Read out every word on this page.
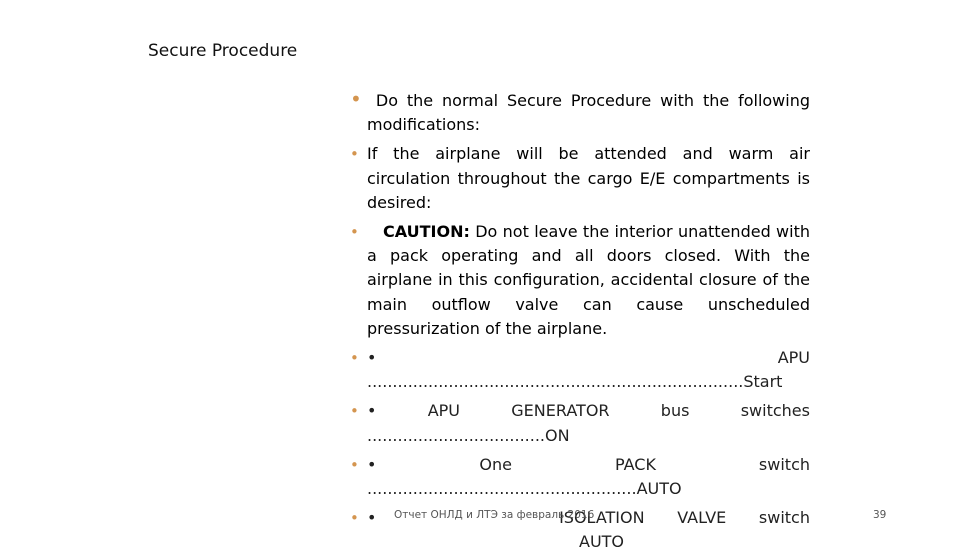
Secure Procedure
• Do the normal Secure Procedure with the following modifications:
• If the airplane will be attended and warm air circulation throughout the cargo E/E compartments is desired:
•	CAUTION: Do not leave the interior unattended with a pack operating and all doors closed. With the airplane in this configuration, accidental closure of the main outflow valve can cause unscheduled pressurization of the airplane.
• •	APU
..........................................................................Start
• •	APU	GENERATOR	bus	switches
...................................ON
• •	One	PACK	switch
.....................................................AUTO
• •	ISOLATION VALVE switch
AUTO
Отчет ОНЛД и ЛТЭ за февраль 2016	39
